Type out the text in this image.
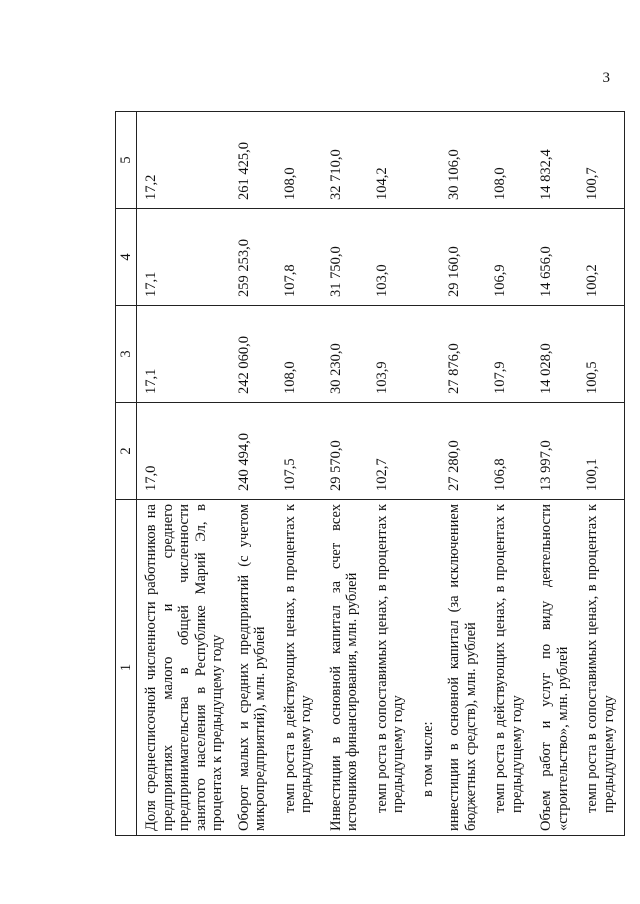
3
1	2	3	4	5
Доля среднесписочной численности работников на предприятиях малого и среднего предпринимательства в общей численности занятого населения в Республике Марий Эл, в процентах к предыдущему году	17,0	17,1	17,1	17,2
Оборот малых и средних предприятий (с учетом микропредприятий), млн. рублей	240 494,0	242 060,0	259 253,0	261 425,0
темп роста в действующих ценах, в процентах к предыдущему году	107,5	108,0	107,8	108,0
Инвестиции в основной капитал за счет всех источников финансирования, млн. рублей	29 570,0	30 230,0	31 750,0	32 710,0
темп роста в сопоставимых ценах, в процентах к предыдущему году	102,7	103,9	103,0	104,2
в том числе:				
инвестиции в основной капитал (за исключением бюджетных средств), млн. рублей	27 280,0	27 876,0	29 160,0	30 106,0
темп роста в действующих ценах, в процентах к предыдущему году	106,8	107,9	106,9	108,0
Объем работ и услуг по виду деятельности «строительство», млн. рублей	13 997,0	14 028,0	14 656,0	14 832,4
темп роста в сопоставимых ценах, в процентах к предыдущему году	100,1	100,5	100,2	100,7
